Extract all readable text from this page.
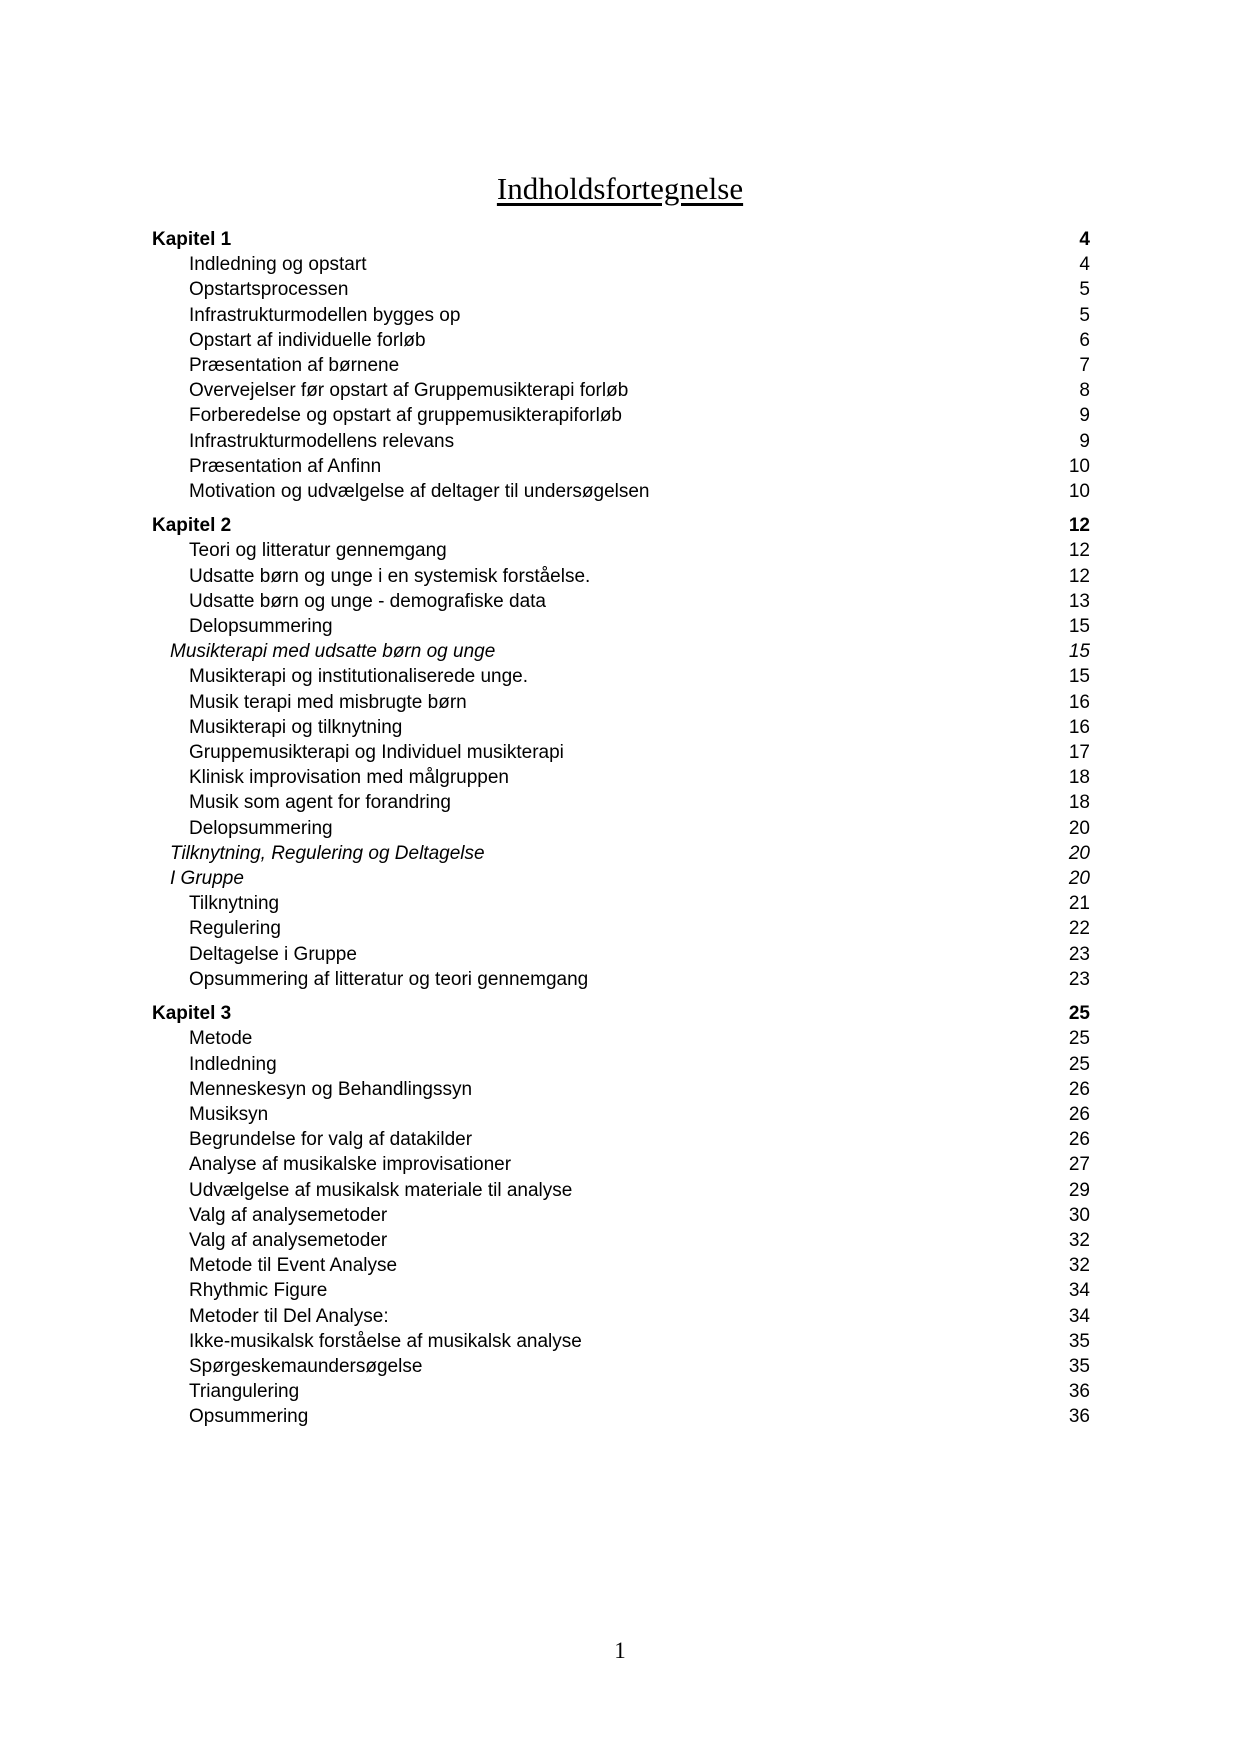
Indholdsfortegnelse
Kapitel 1	4
Indledning og opstart	4
Opstartsprocessen	5
Infrastrukturmodellen bygges op	5
Opstart af individuelle forløb	6
Præsentation af børnene	7
Overvejelser før opstart af Gruppemusikterapi forløb	8
Forberedelse og opstart af gruppemusikterapiforløb	9
Infrastrukturmodellens relevans	9
Præsentation af Anfinn	10
Motivation og udvælgelse af deltager til undersøgelsen	10
Kapitel 2	12
Teori og litteratur gennemgang	12
Udsatte børn og unge i en systemisk forståelse.	12
Udsatte børn og unge - demografiske data	13
Delopsummering	15
Musikterapi med udsatte børn og unge	15
Musikterapi og institutionaliserede unge.	15
Musik terapi med misbrugte børn	16
Musikterapi og tilknytning	16
Gruppemusikterapi og Individuel musikterapi	17
Klinisk improvisation med målgruppen	18
Musik som agent for forandring	18
Delopsummering	20
Tilknytning, Regulering og Deltagelse	20
I Gruppe	20
Tilknytning	21
Regulering	22
Deltagelse i Gruppe	23
Opsummering af litteratur og teori gennemgang	23
Kapitel 3	25
Metode	25
Indledning	25
Menneskesyn og Behandlingssyn	26
Musiksyn	26
Begrundelse for valg af datakilder	26
Analyse af musikalske improvisationer	27
Udvælgelse af musikalsk materiale til analyse	29
Valg af analysemetoder	30
Valg af analysemetoder	32
Metode til Event Analyse	32
Rhythmic Figure	34
Metoder til Del Analyse:	34
Ikke-musikalsk forståelse af musikalsk analyse	35
Spørgeskemaundersøgelse	35
Triangulering	36
Opsummering	36
1
